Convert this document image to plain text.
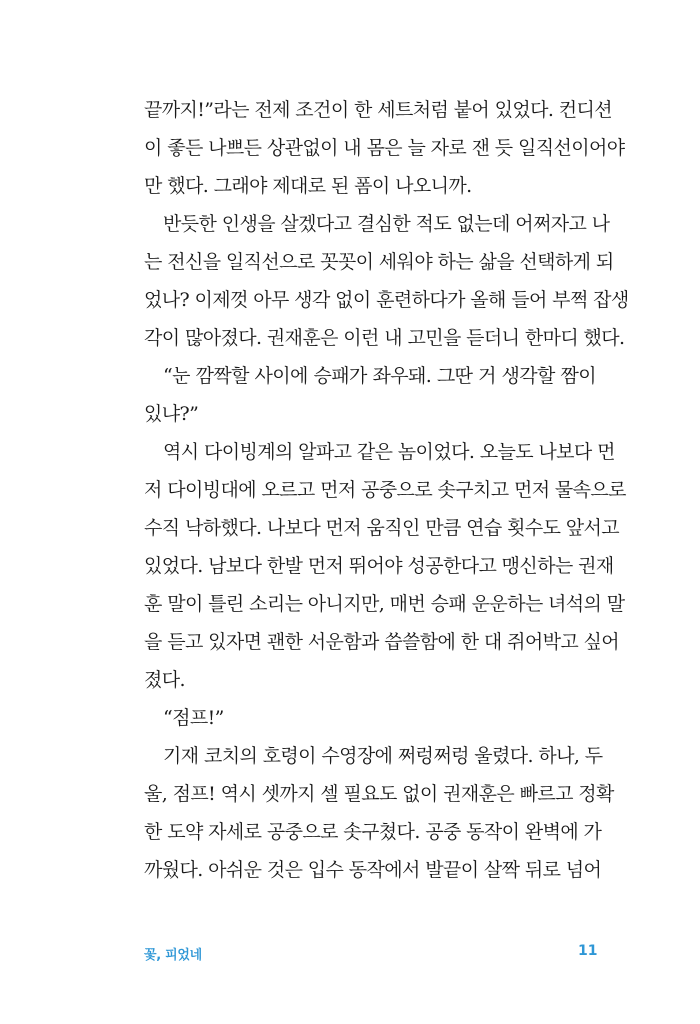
끝까지!”라는 전제 조건이 한 세트처럼 붙어 있었다. 컨디션
이 좋든 나쁘든 상관없이 내 몸은 늘 자로 잰 듯 일직선이어야
만 했다. 그래야 제대로 된 폼이 나오니까.
반듯한 인생을 살겠다고 결심한 적도 없는데 어쩌자고 나
는 전신을 일직선으로 꼿꼿이 세워야 하는 삶을 선택하게 되
었나? 이제껏 아무 생각 없이 훈련하다가 올해 들어 부쩍 잡생
각이 많아졌다. 권재훈은 이런 내 고민을 듣더니 한마디 했다.
“눈 깜짝할 사이에 승패가 좌우돼. 그딴 거 생각할 짬이
있냐?”
역시 다이빙계의 알파고 같은 놈이었다. 오늘도 나보다 먼
저 다이빙대에 오르고 먼저 공중으로 솟구치고 먼저 물속으로
수직 낙하했다. 나보다 먼저 움직인 만큼 연습 횟수도 앞서고
있었다. 남보다 한발 먼저 뛰어야 성공한다고 맹신하는 권재
훈 말이 틀린 소리는 아니지만, 매번 승패 운운하는 녀석의 말
을 듣고 있자면 괜한 서운함과 씁쓸함에 한 대 쥐어박고 싶어
졌다.
“점프!”
기재 코치의 호령이 수영장에 쩌렁쩌렁 울렸다. 하나, 두
울, 점프! 역시 셋까지 셀 필요도 없이 권재훈은 빠르고 정확
한 도약 자세로 공중으로 솟구쳤다. 공중 동작이 완벽에 가
까웠다. 아쉬운 것은 입수 동작에서 발끝이 살짝 뒤로 넘어
꽃, 피었네	11
